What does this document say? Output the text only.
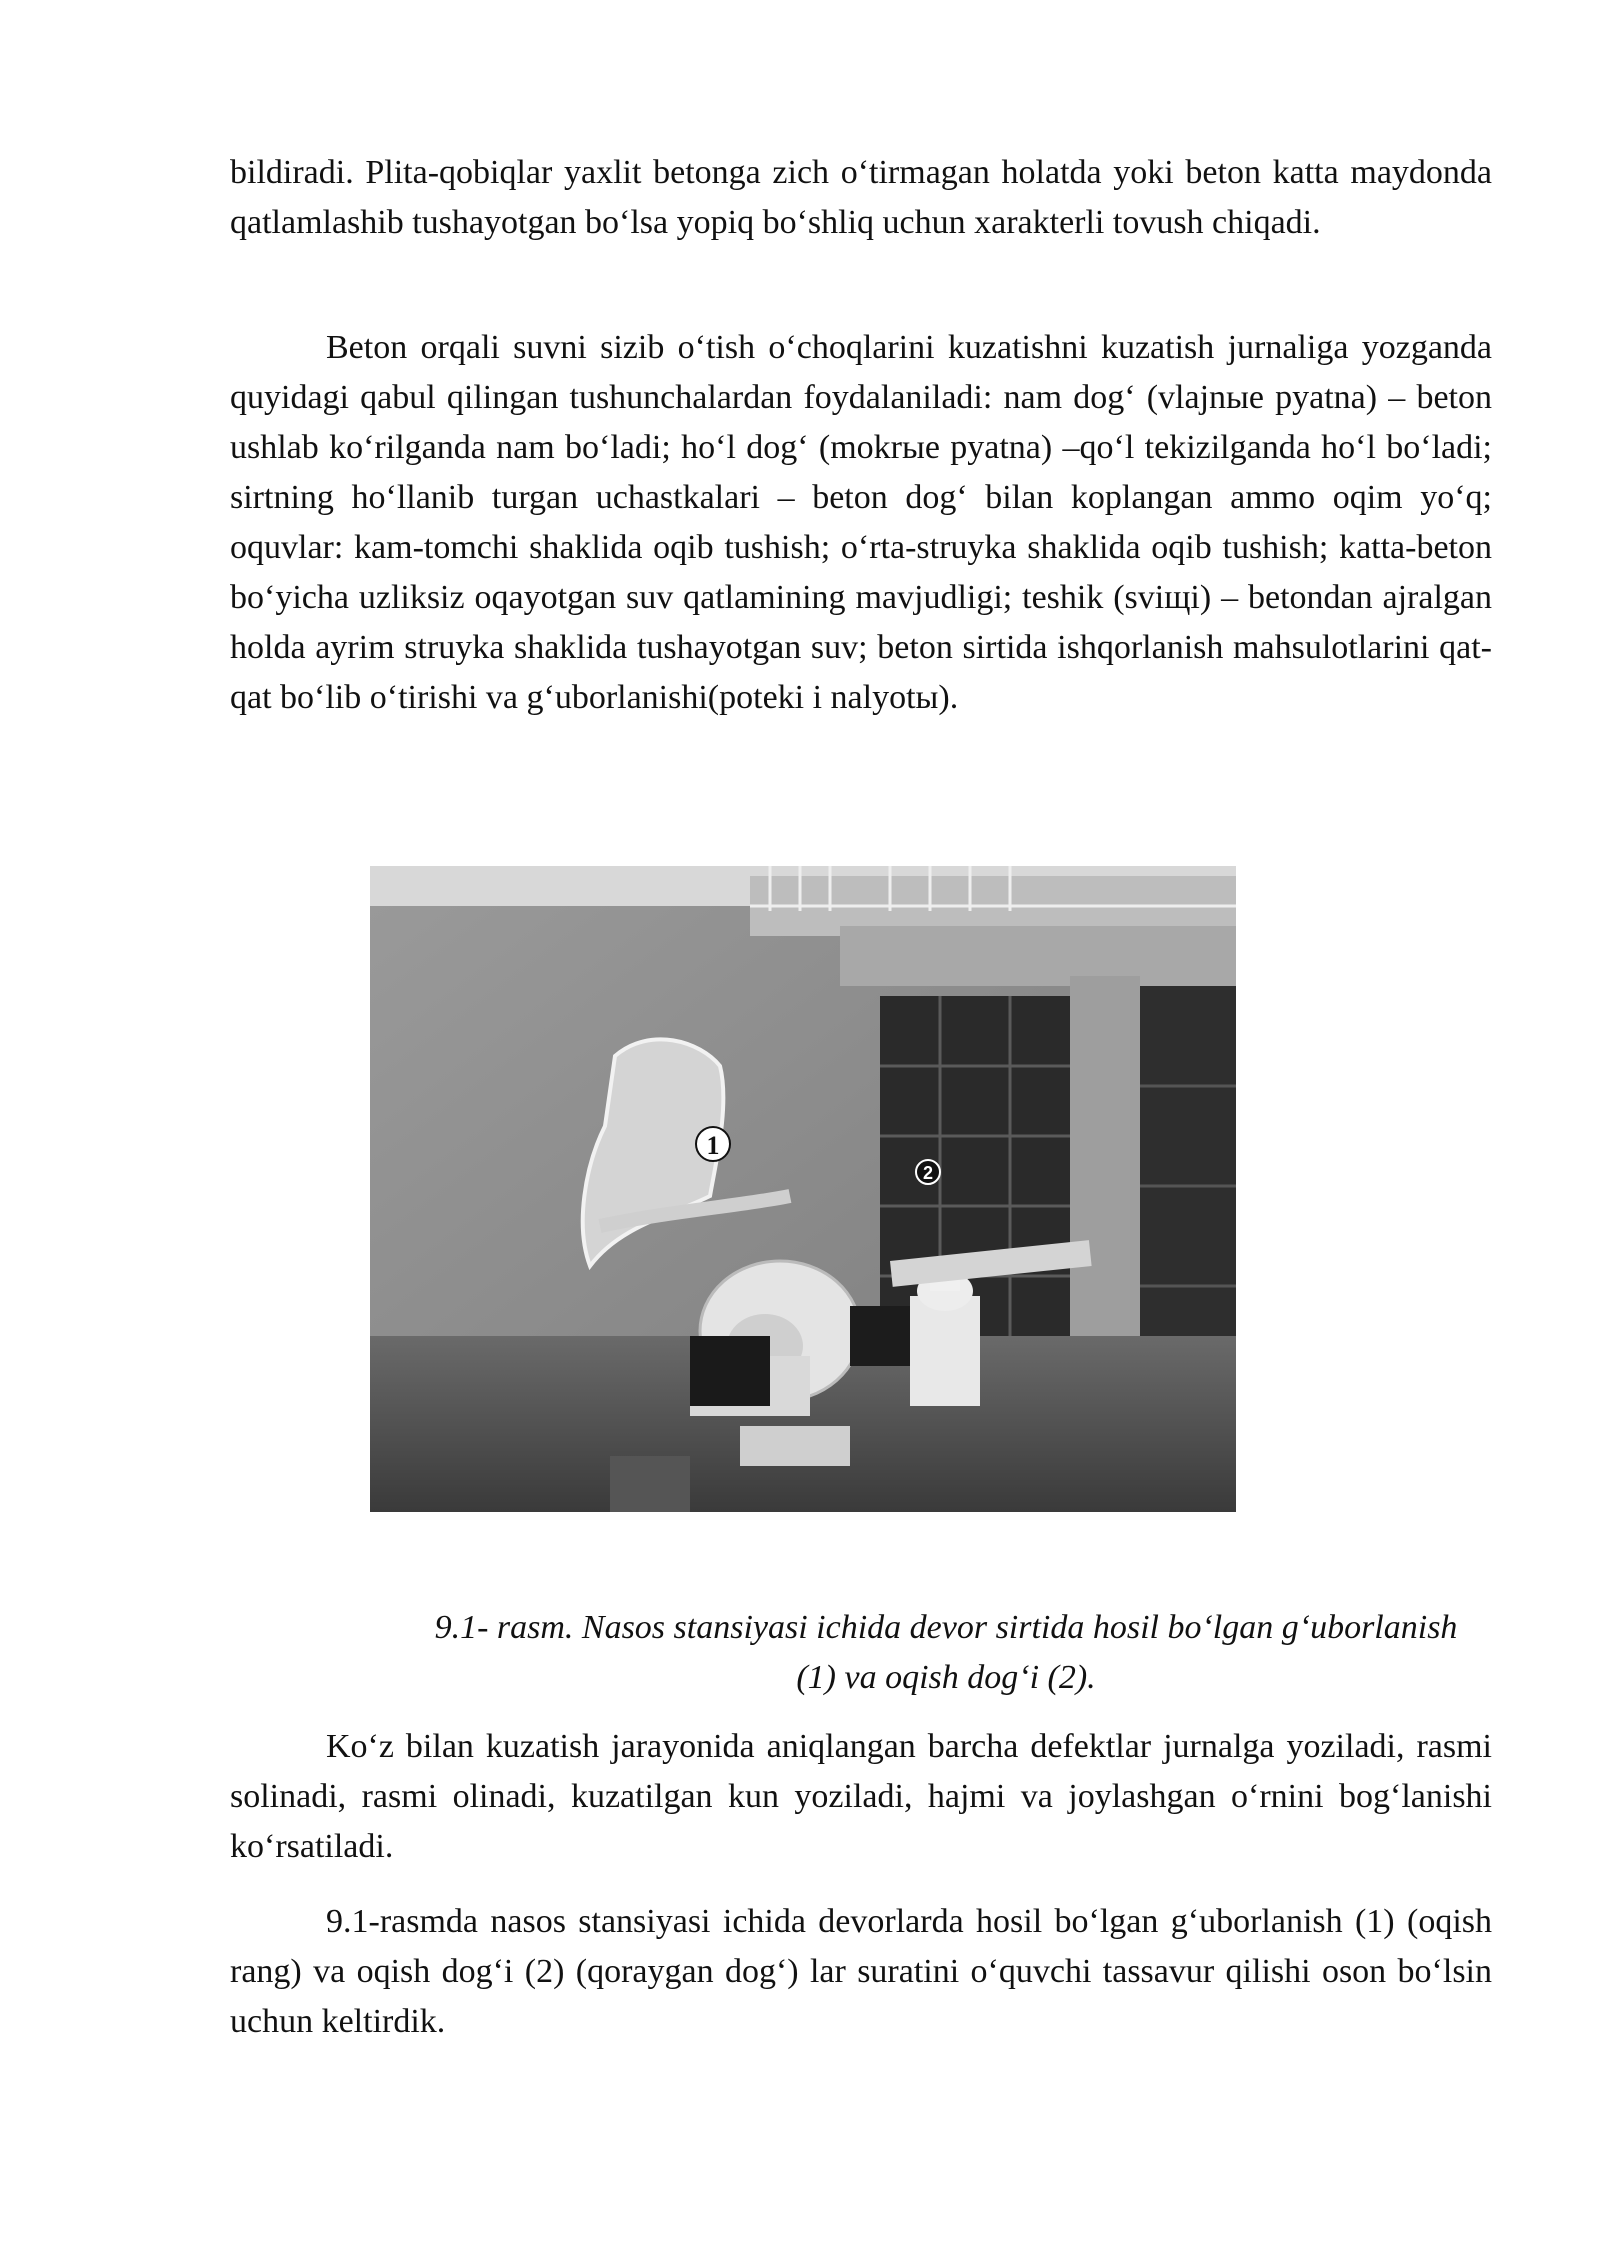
bildiradi. Plita-qobiqlar yaxlit betonga zich o‘tirmagan holatda yoki beton katta maydonda qatlamlashib tushayotgan bo‘lsa yopiq bo‘shliq uchun xarakterli tovush chiqadi.

Beton orqali suvni sizib o‘tish o‘choqlarini kuzatishni kuzatish jurnaliga yozganda quyidagi qabul qilingan tushunchalardan foydalaniladi: nam dog‘ (vlajnые pyatna) – beton ushlab ko‘rilganda nam bo‘ladi; ho‘l dog‘ (mokrые pyatna) –qo‘l tekizilganda ho‘l bo‘ladi; sirtning ho‘llanib turgan uchastkalari – beton dog‘ bilan koplangan ammo oqim yo‘q; oquvlar: kam-tomchi shaklida oqib tushish; o‘rta-struyka shaklida oqib tushish; katta-beton bo‘yicha uzliksiz oqayotgan suv qatlamining mavjudligi; teshik (sviщі) – betondan ajralgan holda ayrim struyka shaklida tushayotgan suv; beton sirtida ishqorlanish mahsulotlarini qat-qat bo‘lib o‘tirishi va g‘uborlanishi(poteki i nalyotы).

1
2

9.1- rasm. Nasos stansiyasi ichida devor sirtida hosil bo‘lgan g‘uborlanish
(1) va oqish dog‘i (2).

Ko‘z bilan kuzatish jarayonida aniqlangan barcha defektlar jurnalga yoziladi, rasmi solinadi, rasmi olinadi, kuzatilgan kun yoziladi, hajmi va joylashgan o‘rnini bog‘lanishi ko‘rsatiladi.

9.1-rasmda nasos stansiyasi ichida devorlarda hosil bo‘lgan g‘uborlanish (1) (oqish rang) va oqish dog‘i (2) (qoraygan dog‘) lar suratini o‘quvchi tassavur qilishi oson bo‘lsin uchun keltirdik.
